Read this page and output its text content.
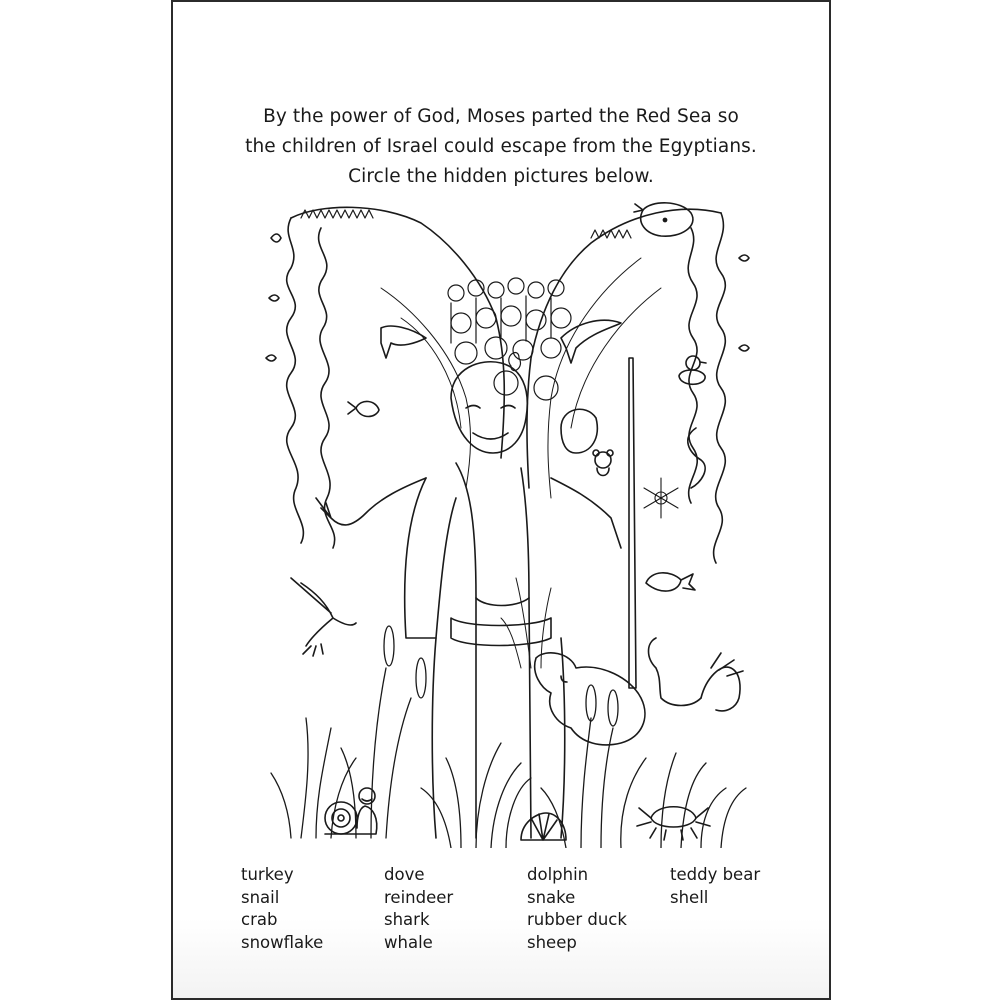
By the power of God, Moses parted the Red Sea so
the children of Israel could escape from the Egyptians.
Circle the hidden pictures below.
turkey
snail
crab
snowflake
dove
reindeer
shark
whale
dolphin
snake
rubber duck
sheep
teddy bear
shell
